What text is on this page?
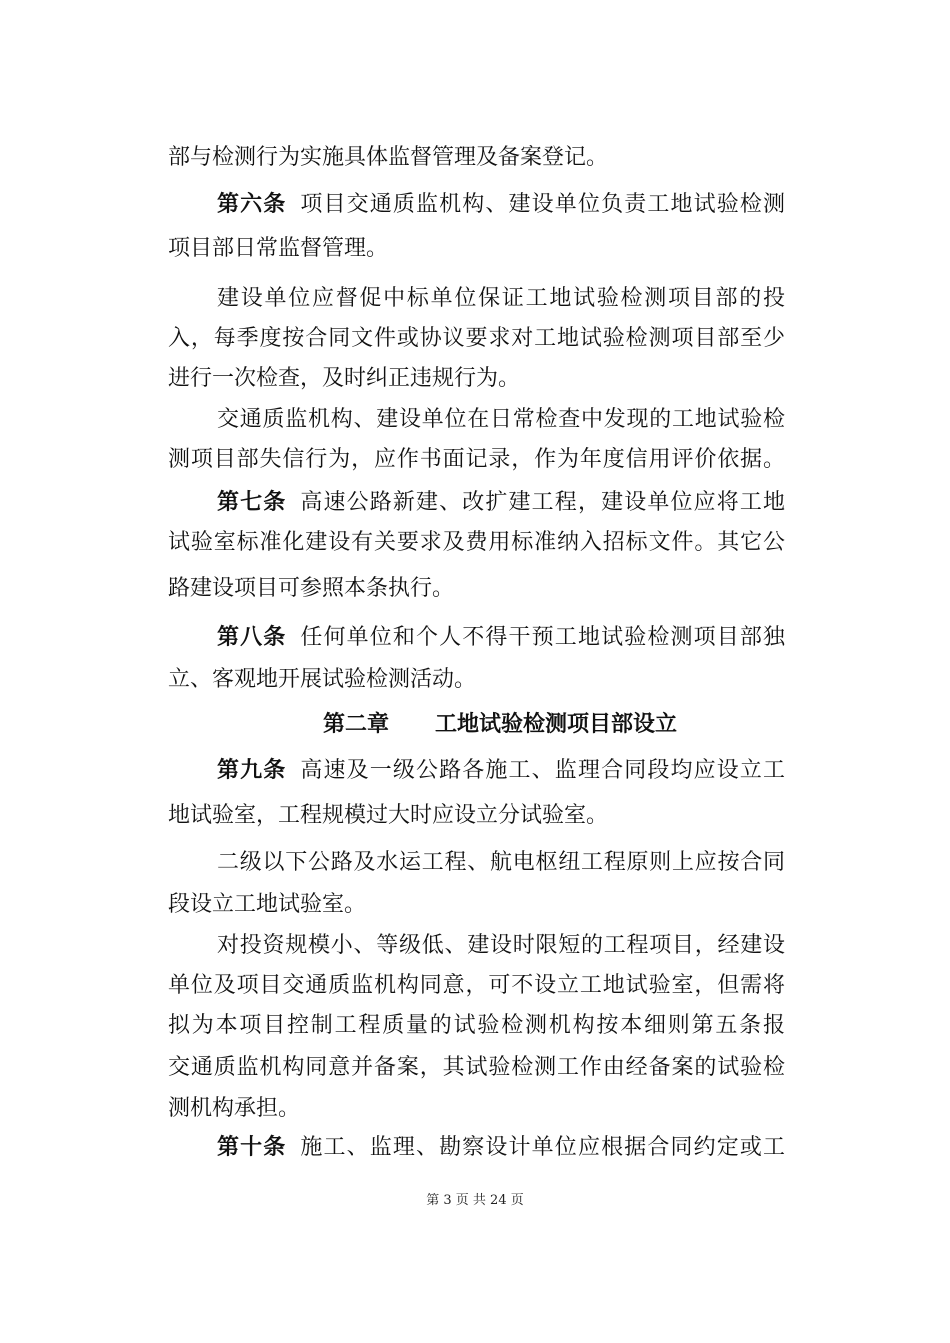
部与检测行为实施具体监督管理及备案登记。

第六条 项目交通质监机构、建设单位负责工地试验检测

项目部日常监督管理。

建设单位应督促中标单位保证工地试验检测项目部的投

入，每季度按合同文件或协议要求对工地试验检测项目部至少

进行一次检查，及时纠正违规行为。

交通质监机构、建设单位在日常检查中发现的工地试验检

测项目部失信行为，应作书面记录，作为年度信用评价依据。

第七条 高速公路新建、改扩建工程，建设单位应将工地

试验室标准化建设有关要求及费用标准纳入招标文件。其它公

路建设项目可参照本条执行。

第八条 任何单位和个人不得干预工地试验检测项目部独

立、客观地开展试验检测活动。

第二章 工地试验检测项目部设立

第九条 高速及一级公路各施工、监理合同段均应设立工

地试验室，工程规模过大时应设立分试验室。

二级以下公路及水运工程、航电枢纽工程原则上应按合同

段设立工地试验室。

对投资规模小、等级低、建设时限短的工程项目，经建设

单位及项目交通质监机构同意，可不设立工地试验室，但需将

拟为本项目控制工程质量的试验检测机构按本细则第五条报

交通质监机构同意并备案，其试验检测工作由经备案的试验检

测机构承担。

第十条 施工、监理、勘察设计单位应根据合同约定或工

第 3 页 共 24 页
